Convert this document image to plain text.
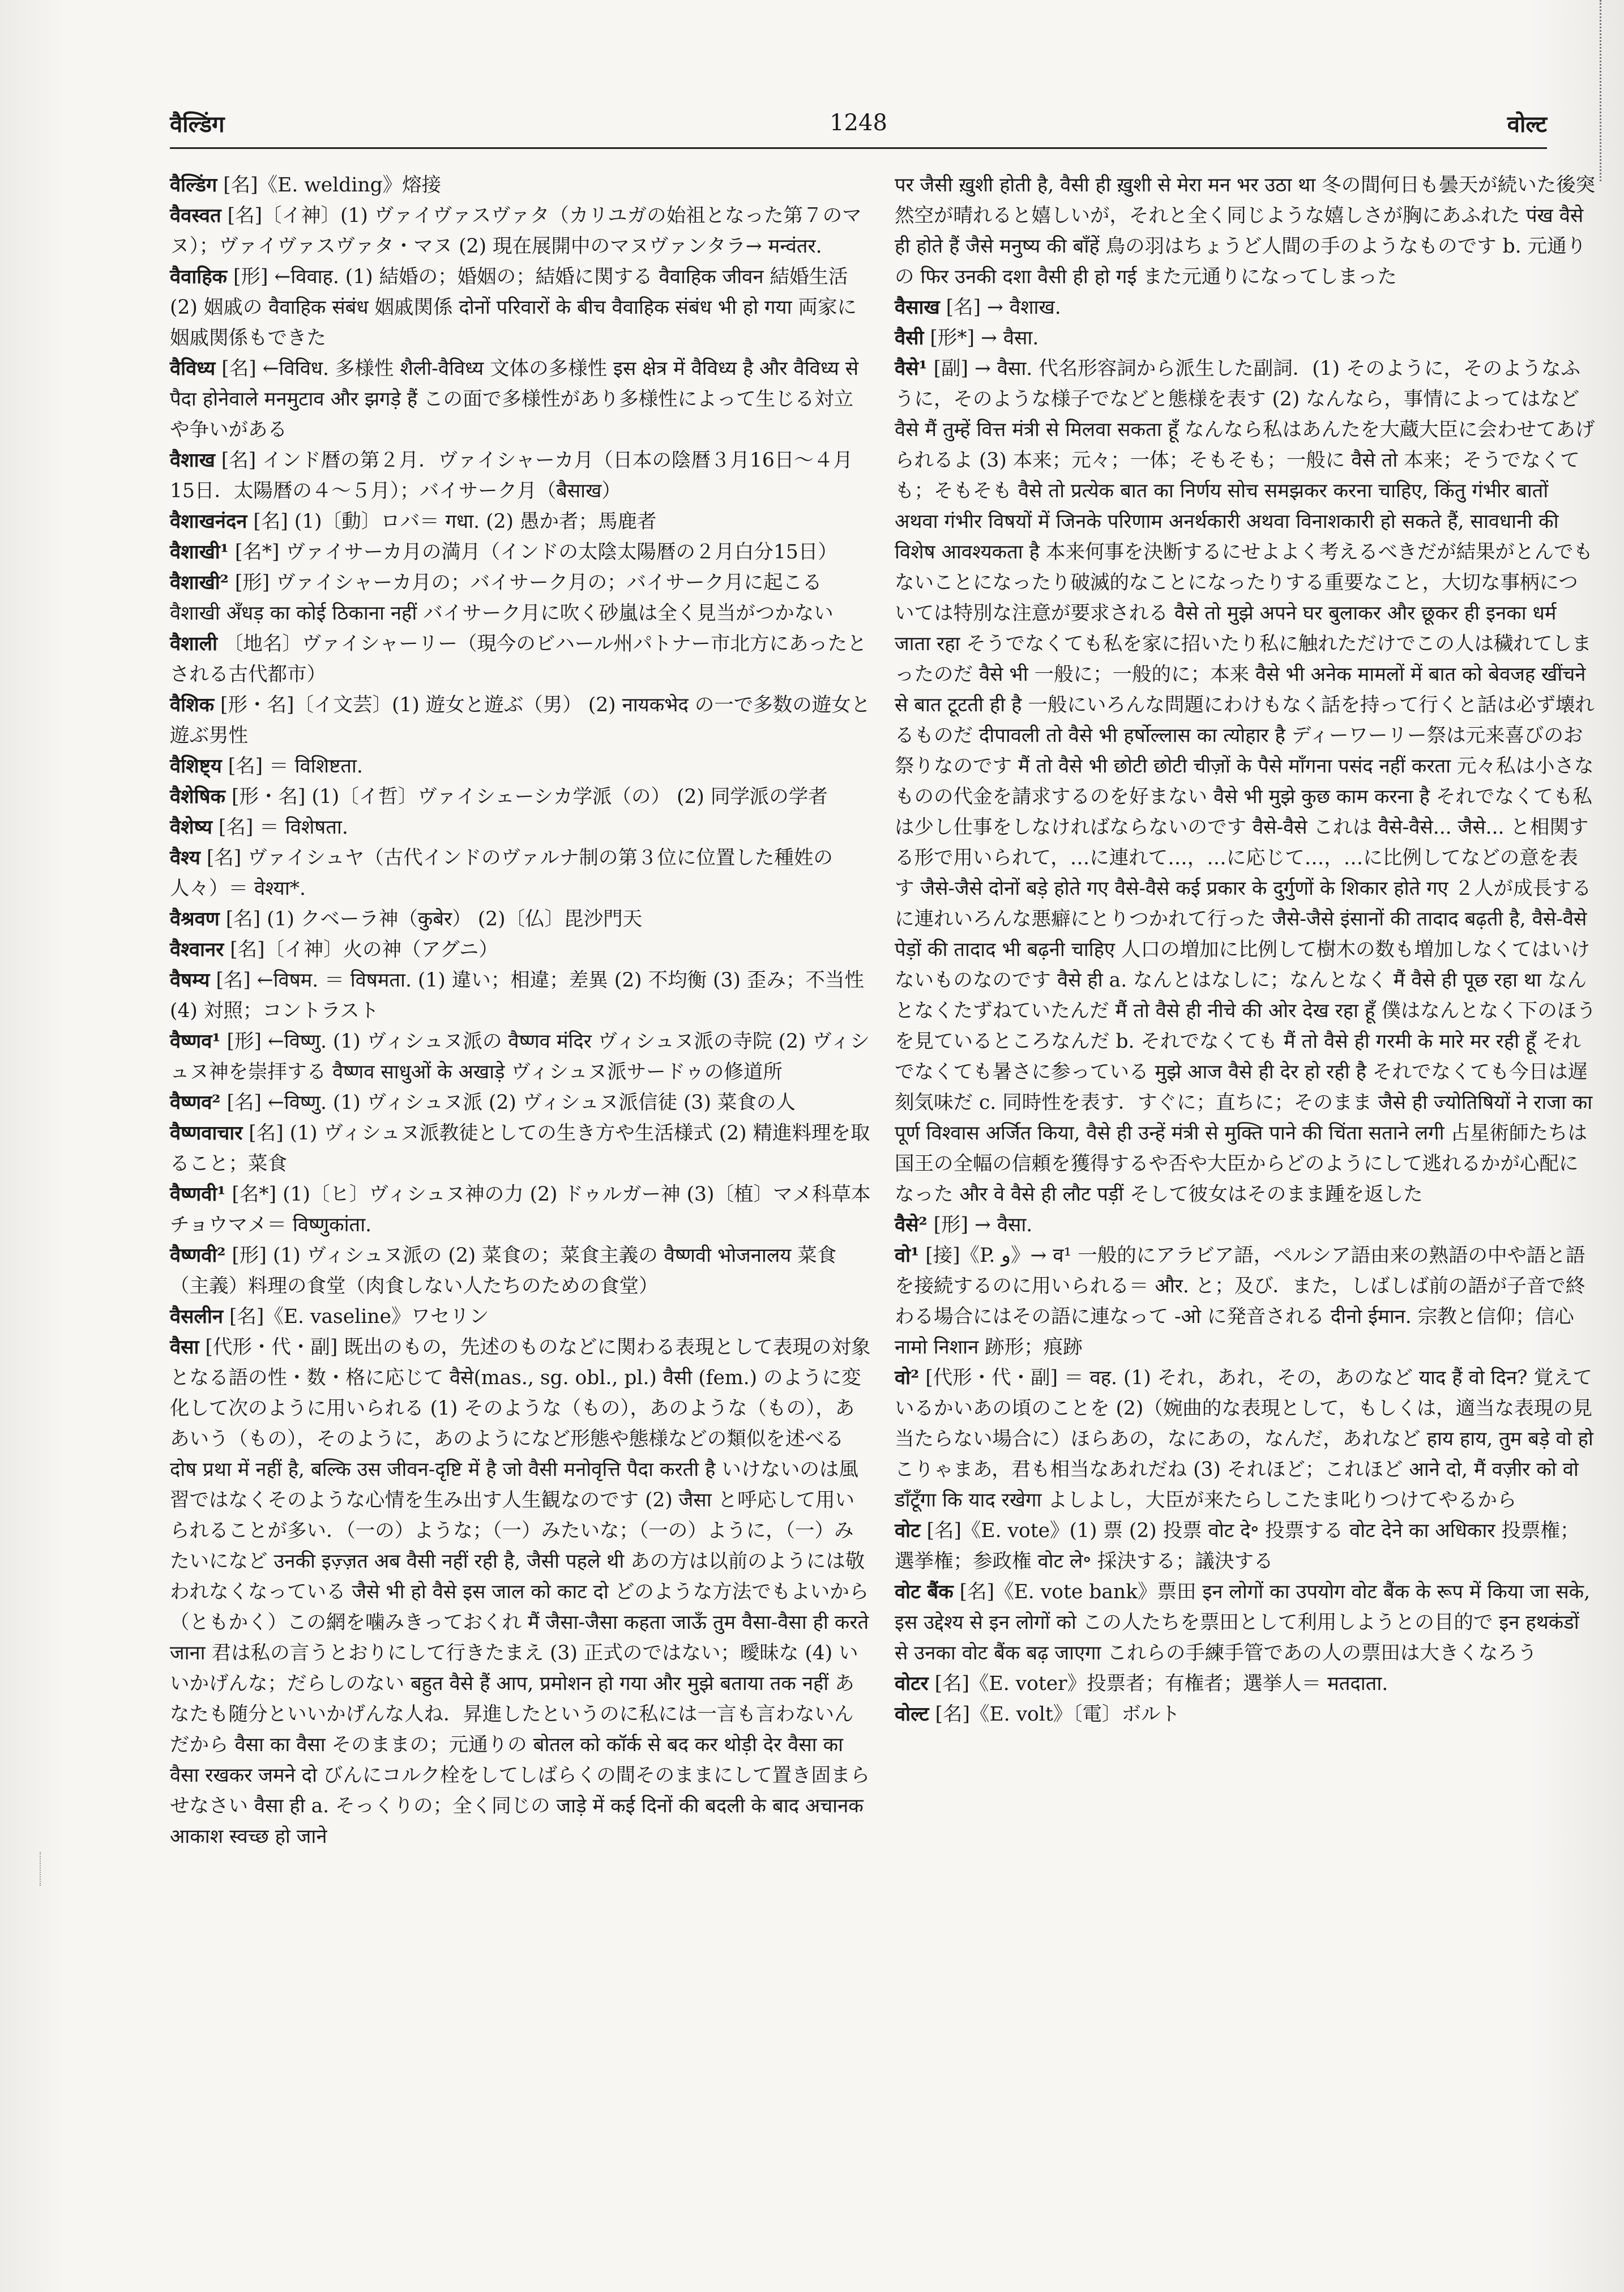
वैल्डिंग	1248	वोल्ट
वैल्डिंग [名]《E. welding》熔接
वैवस्वत [名]〔イ神〕(1) ヴァイヴァスヴァタ（カリユガの始祖となった第７のマヌ）；ヴァイヴァスヴァタ・マヌ (2) 現在展開中のマヌヴァンタラ→ मन्वंतर.
वैवाहिक [形] ←विवाह. (1) 結婚の；婚姻の；結婚に関する वैवाहिक जीवन 結婚生活 (2) 姻戚の वैवाहिक संबंध 姻戚関係 दोनों परिवारों के बीच वैवाहिक संबंध भी हो गया 両家に姻戚関係もできた
वैविध्य [名] ←विविध. 多様性 शैली-वैविध्य 文体の多様性 इस क्षेत्र में वैविध्य है और वैविध्य से पैदा होनेवाले मनमुटाव और झगड़े हैं この面で多様性があり多様性によって生じる対立や争いがある
वैशाख [名] インド暦の第２月．ヴァイシャーカ月（日本の陰暦３月16日〜４月15日．太陽暦の４〜５月）；バイサーク月（बैसाख）
वैशाखनंदन [名] (1)〔動〕ロバ＝ गधा. (2) 愚か者；馬鹿者
वैशाखी¹ [名*] ヴァイサーカ月の満月（インドの太陰太陽暦の２月白分15日）
वैशाखी² [形] ヴァイシャーカ月の；バイサーク月の；バイサーク月に起こる वैशाखी अँधड़ का कोई ठिकाना नहीं バイサーク月に吹く砂嵐は全く見当がつかない
वैशाली 〔地名〕ヴァイシャーリー（現今のビハール州パトナー市北方にあったとされる古代都市）
वैशिक [形・名]〔イ文芸〕(1) 遊女と遊ぶ（男） (2) नायकभेद の一で多数の遊女と遊ぶ男性
वैशिष्ट्य [名] ＝ विशिष्टता.
वैशेषिक [形・名] (1)〔イ哲〕ヴァイシェーシカ学派（の） (2) 同学派の学者
वैशेष्य [名] ＝ विशेषता.
वैश्य [名] ヴァイシュヤ（古代インドのヴァルナ制の第３位に位置した種姓の人々）＝ वेश्या*.
वैश्रवण [名] (1) クベーラ神（कुबेर） (2)〔仏〕毘沙門天
वैश्वानर [名]〔イ神〕火の神（アグニ）
वैषम्य [名] ←विषम. ＝ विषमता. (1) 違い；相違；差異 (2) 不均衡 (3) 歪み；不当性 (4) 対照；コントラスト
वैष्णव¹ [形] ←विष्णु. (1) ヴィシュヌ派の वैष्णव मंदिर ヴィシュヌ派の寺院 (2) ヴィシュヌ神を崇拝する वैष्णव साधुओं के अखाड़े ヴィシュヌ派サードゥの修道所
वैष्णव² [名] ←विष्णु. (1) ヴィシュヌ派 (2) ヴィシュヌ派信徒 (3) 菜食の人
वैष्णवाचार [名] (1) ヴィシュヌ派教徒としての生き方や生活様式 (2) 精進料理を取ること；菜食
वैष्णवी¹ [名*] (1)〔ヒ〕ヴィシュヌ神の力 (2) ドゥルガー神 (3)〔植〕マメ科草本チョウマメ＝ विष्णुकांता.
वैष्णवी² [形] (1) ヴィシュヌ派の (2) 菜食の；菜食主義の वैष्णवी भोजनालय 菜食（主義）料理の食堂（肉食しない人たちのための食堂）
वैसलीन [名]《E. vaseline》ワセリン
वैसा [代形・代・副] 既出のもの，先述のものなどに関わる表現として表現の対象となる語の性・数・格に応じて वैसे(mas., sg. obl., pl.) वैसी (fem.) のように変化して次のように用いられる (1) そのような（もの），あのような（もの），ああいう（もの），そのように，あのようになど形態や態様などの類似を述べる दोष प्रथा में नहीं है, बल्कि उस जीवन-दृष्टि में है जो वैसी मनोवृत्ति पैदा करती है いけないのは風習ではなくそのような心情を生み出す人生観なのです (2) जैसा と呼応して用いられることが多い．（一の）ような；（一）みたいな；（一の）ように，（一）みたいになど उनकी इज़्ज़त अब वैसी नहीं रही है, जैसी पहले थी あの方は以前のようには敬われなくなっている जैसे भी हो वैसे इस जाल को काट दो どのような方法でもよいから（ともかく）この網を噛みきっておくれ मैं जैसा-जैसा कहता जाऊँ तुम वैसा-वैसा ही करते जाना 君は私の言うとおりにして行きたまえ (3) 正式のではない；曖昧な (4) いいかげんな；だらしのない बहुत वैसे हैं आप, प्रमोशन हो गया और मुझे बताया तक नहीं あなたも随分といいかげんな人ね．昇進したというのに私には一言も言わないんだから वैसा का वैसा そのままの；元通りの बोतल को कॉर्क से बद कर थोड़ी देर वैसा का वैसा रखकर जमने दो びんにコルク栓をしてしばらくの間そのままにして置き固まらせなさい वैसा ही a. そっくりの；全く同じの जाड़े में कई दिनों की बदली के बाद अचानक आकाश स्वच्छ हो जाने
पर जैसी ख़ुशी होती है, वैसी ही ख़ुशी से मेरा मन भर उठा था 冬の間何日も曇天が続いた後突然空が晴れると嬉しいが，それと全く同じような嬉しさが胸にあふれた पंख वैसे ही होते हैं जैसे मनुष्य की बाँहें 鳥の羽はちょうど人間の手のようなものです b. 元通りの फिर उनकी दशा वैसी ही हो गई また元通りになってしまった
वैसाख [名] → वैशाख.
वैसी [形*] → वैसा.
वैसे¹ [副] → वैसा. 代名形容詞から派生した副詞．(1) そのように，そのようなふうに，そのような様子でなどと態様を表す (2) なんなら，事情によってはなど वैसे मैं तुम्हें वित्त मंत्री से मिलवा सकता हूँ なんなら私はあんたを大蔵大臣に会わせてあげられるよ (3) 本来；元々；一体；そもそも；一般に वैसे तो 本来；そうでなくても；そもそも वैसे तो प्रत्येक बात का निर्णय सोच समझकर करना चाहिए, किंतु गंभीर बातों अथवा गंभीर विषयों में जिनके परिणाम अनर्थकारी अथवा विनाशकारी हो सकते हैं, सावधानी की विशेष आवश्यकता है 本来何事を決断するにせよよく考えるべきだが結果がとんでもないことになったり破滅的なことになったりする重要なこと，大切な事柄については特別な注意が要求される वैसे तो मुझे अपने घर बुलाकर और छूकर ही इनका धर्म जाता रहा そうでなくても私を家に招いたり私に触れただけでこの人は穢れてしまったのだ वैसे भी 一般に；一般的に；本来 वैसे भी अनेक मामलों में बात को बेवजह खींचने से बात टूटती ही है 一般にいろんな問題にわけもなく話を持って行くと話は必ず壊れるものだ दीपावली तो वैसे भी हर्षोल्लास का त्योहार है ディーワーリー祭は元来喜びのお祭りなのです मैं तो वैसे भी छोटी छोटी चीज़ों के पैसे माँगना पसंद नहीं करता 元々私は小さなものの代金を請求するのを好まない वैसे भी मुझे कुछ काम करना है それでなくても私は少し仕事をしなければならないのです वैसे-वैसे これは वैसे-वैसे... जैसे... と相関する形で用いられて，…に連れて…，…に応じて…，…に比例してなどの意を表す जैसे-जैसे दोनों बड़े होते गए वैसे-वैसे कई प्रकार के दुर्गुणों के शिकार होते गए ２人が成長するに連れいろんな悪癖にとりつかれて行った जैसे-जैसे इंसानों की तादाद बढ़ती है, वैसे-वैसे पेड़ों की तादाद भी बढ़नी चाहिए 人口の増加に比例して樹木の数も増加しなくてはいけないものなのです वैसे ही a. なんとはなしに；なんとなく मैं वैसे ही पूछ रहा था なんとなくたずねていたんだ मैं तो वैसे ही नीचे की ओर देख रहा हूँ 僕はなんとなく下のほうを見ているところなんだ b. それでなくても मैं तो वैसे ही गरमी के मारे मर रही हूँ それでなくても暑さに参っている मुझे आज वैसे ही देर हो रही है それでなくても今日は遅刻気味だ c. 同時性を表す．すぐに；直ちに；そのまま जैसे ही ज्योतिषियों ने राजा का पूर्ण विश्वास अर्जित किया, वैसे ही उन्हें मंत्री से मुक्ति पाने की चिंता सताने लगी 占星術師たちは国王の全幅の信頼を獲得するや否や大臣からどのようにして逃れるかが心配になった और वे वैसे ही लौट पड़ीं そして彼女はそのまま踵を返した
वैसे² [形] → वैसा.
वो¹ [接]《P. و》→ व¹ 一般的にアラビア語，ペルシア語由来の熟語の中や語と語を接続するのに用いられる＝ और. と；及び．また，しばしば前の語が子音で終わる場合にはその語に連なって -ओ に発音される दीनो ईमान. 宗教と信仰；信心 नामो निशान 跡形；痕跡
वो² [代形・代・副] ＝ वह. (1) それ，あれ，その，あのなど याद हैं वो दिन? 覚えているかいあの頃のことを (2)（婉曲的な表現として，もしくは，適当な表現の見当たらない場合に）ほらあの，なにあの，なんだ，あれなど हाय हाय, तुम बड़े वो हो こりゃまあ，君も相当なあれだね (3) それほど；これほど आने दो, मैं वज़ीर को वो डाँटूँगा कि याद रखेगा よしよし，大臣が来たらしこたま叱りつけてやるから
वोट [名]《E. vote》(1) 票 (2) 投票 वोट दे॰ 投票する वोट देने का अधिकार 投票権；選挙権；参政権 वोट ले॰ 採決する；議決する
वोट बैंक [名]《E. vote bank》票田 इन लोगों का उपयोग वोट बैंक के रूप में किया जा सके, इस उद्देश्य से इन लोगों को この人たちを票田として利用しようとの目的で इन हथकंडों से उनका वोट बैंक बढ़ जाएगा これらの手練手管であの人の票田は大きくなろう
वोटर [名]《E. voter》投票者；有権者；選挙人＝ मतदाता.
वोल्ट [名]《E. volt》〔電〕ボルト
